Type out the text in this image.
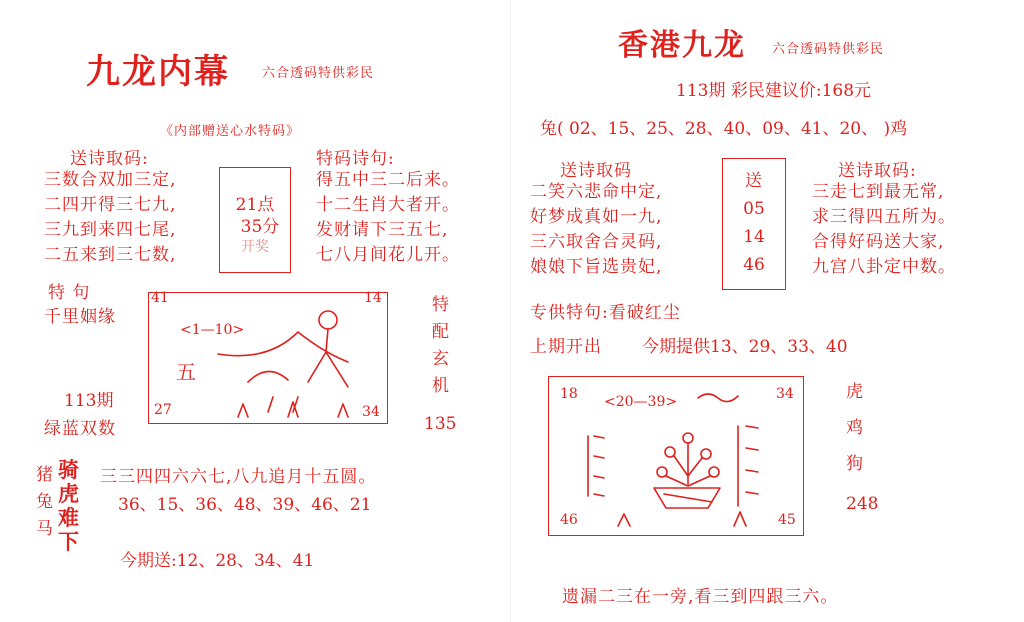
九龙内幕 六合透码特供彩民
《内部赠送心水特码》
送诗取码:
三数合双加三定,
二四开得三七九,
三九到来四七尾,
二五来到三七数,
21点
35分
开奖
特码诗句:
得五中三二后来。
十二生肖大者开。
发财请下三五七,
七八月间花儿开。
特 句
千里姻缘
41	14
27	34
<1—10>
五
特
配
玄
机
113期
绿蓝双数	135
猪
兔
马
骑
虎
难
下
三三四四六六七,八九追月十五圆。
36、15、36、48、39、46、21
今期送:12、28、34、41
香港九龙 六合透码特供彩民
113期 彩民建议价:168元
兔( 02、15、25、28、40、09、41、20、 )鸡
送诗取码
二笑六悲命中定,
好梦成真如一九,
三六取舍合灵码,
娘娘下旨选贵妃,
送
05
14
46
送诗取码:
三走七到最无常,
求三得四五所为。
合得好码送大家,
九宫八卦定中数。
专供特句:看破红尘
上期开出 今期提供13、29、33、40
18	34
46	45
<20—39>	虎
鸡
狗
248
遗漏二三在一旁,看三到四跟三六。
